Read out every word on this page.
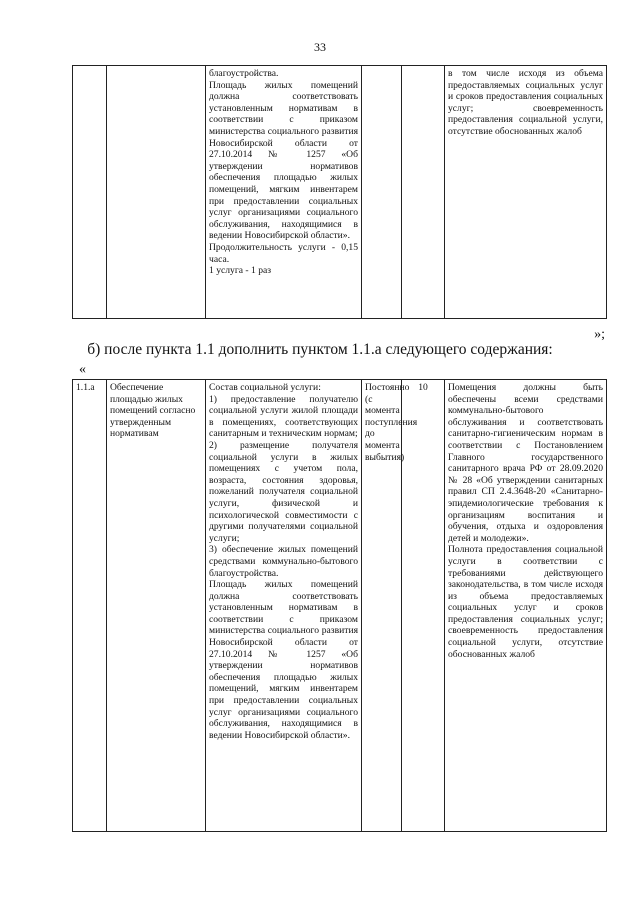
33
		благоустройства.
Площадь жилых помещений должна соответствовать установленным нормативам в соответствии с приказом министерства социального развития Новосибирской области от 27.10.2014 № 1257 «Об утверждении нормативов обеспечения площадью жилых помещений, мягким инвентарем при предоставлении социальных услуг организациями социального обслуживания, находящимися в ведении Новосибирской области».
Продолжительность услуги - 0,15 часа.
1 услуга - 1 раз			в том числе исходя из объема предоставляемых социальных услуг и сроков предоставления социальных услуг; своевременность предоставления социальной услуги, отсутствие обоснованных жалоб
»;
б) после пункта 1.1 дополнить пунктом 1.1.а следующего содержания:
«
1.1.а	Обеспечение площадью жилых помещений согласно утвержденным нормативам	Состав социальной услуги:
1) предоставление получателю социальной услуги жилой площади в помещениях, соответствующих санитарным и техническим нормам;
2) размещение получателя социальной услуги в жилых помещениях с учетом пола, возраста, состояния здоровья, пожеланий получателя социальной услуги, физической и психологической совместимости с другими получателями социальной услуги;
3) обеспечение жилых помещений средствами коммунально-бытового благоустройства.
Площадь жилых помещений должна соответствовать установленным нормативам в соответствии с приказом министерства социального развития Новосибирской области от 27.10.2014 № 1257 «Об утверждении нормативов обеспечения площадью жилых помещений, мягким инвентарем при предоставлении социальных услуг организациями социального обслуживания, находящимися в ведении Новосибирской области».	Постоянно (с момента поступления до момента выбытия)	10	Помещения должны быть обеспечены всеми средствами коммунально-бытового обслуживания и соответствовать санитарно-гигиеническим нормам в соответствии с Постановлением Главного государственного санитарного врача РФ от 28.09.2020 № 28 «Об утверждении санитарных правил СП 2.4.3648-20 «Санитарно-эпидемиологические требования к организациям воспитания и обучения, отдыха и оздоровления детей и молодежи».
Полнота предоставления социальной услуги в соответствии с требованиями действующего законодательства, в том числе исходя из объема предоставляемых социальных услуг и сроков предоставления социальных услуг; своевременность предоставления социальной услуги, отсутствие обоснованных жалоб
